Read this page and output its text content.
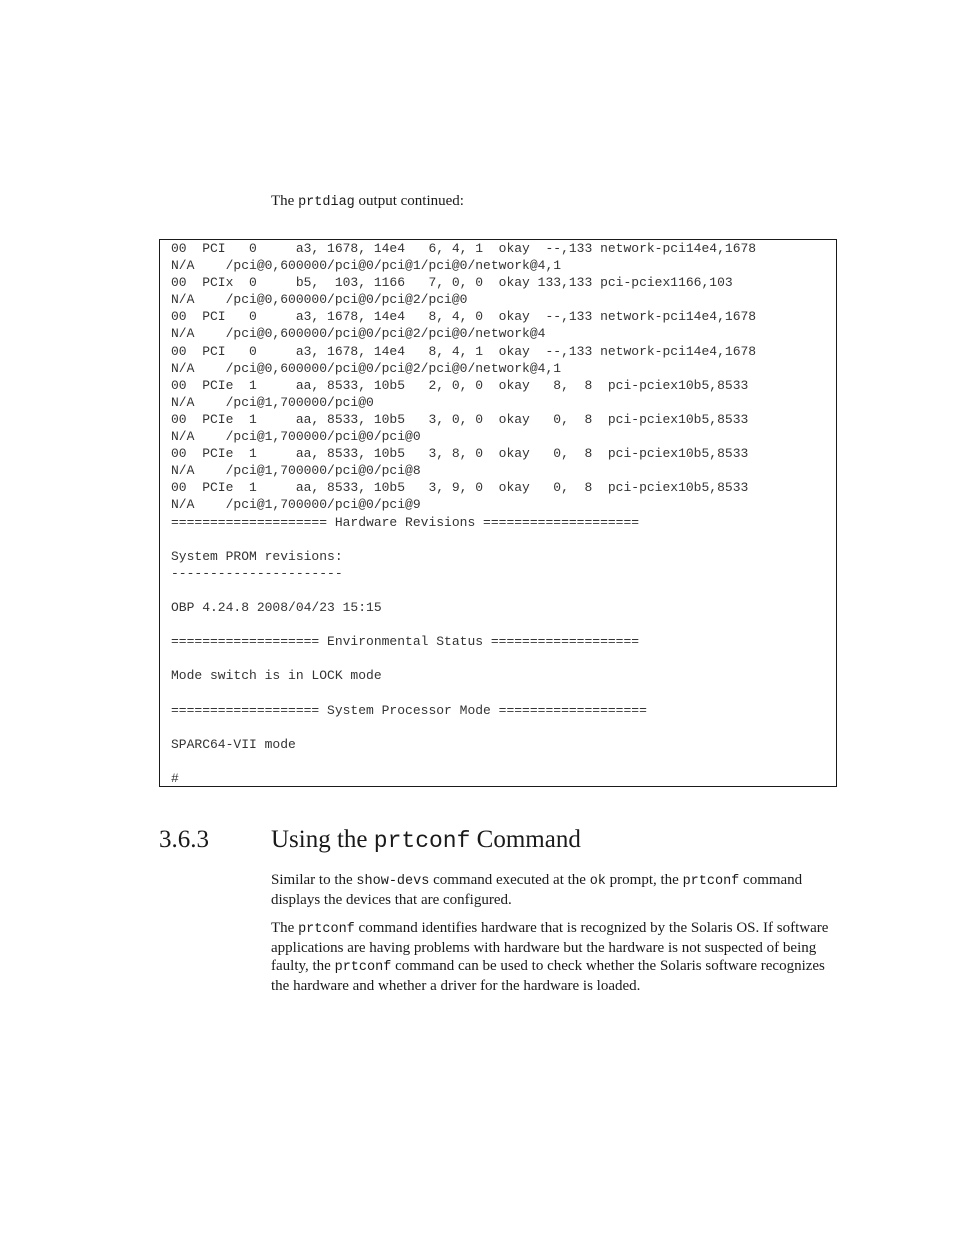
The prtdiag output continued:

00  PCI   0     a3, 1678, 14e4   6, 4, 1  okay  --,133 network-pci14e4,1678
N/A    /pci@0,600000/pci@0/pci@1/pci@0/network@4,1
00  PCIx  0     b5,  103, 1166   7, 0, 0  okay 133,133 pci-pciex1166,103
N/A    /pci@0,600000/pci@0/pci@2/pci@0
00  PCI   0     a3, 1678, 14e4   8, 4, 0  okay  --,133 network-pci14e4,1678
N/A    /pci@0,600000/pci@0/pci@2/pci@0/network@4
00  PCI   0     a3, 1678, 14e4   8, 4, 1  okay  --,133 network-pci14e4,1678
N/A    /pci@0,600000/pci@0/pci@2/pci@0/network@4,1
00  PCIe  1     aa, 8533, 10b5   2, 0, 0  okay   8,  8  pci-pciex10b5,8533
N/A    /pci@1,700000/pci@0
00  PCIe  1     aa, 8533, 10b5   3, 0, 0  okay   0,  8  pci-pciex10b5,8533
N/A    /pci@1,700000/pci@0/pci@0
00  PCIe  1     aa, 8533, 10b5   3, 8, 0  okay   0,  8  pci-pciex10b5,8533
N/A    /pci@1,700000/pci@0/pci@8
00  PCIe  1     aa, 8533, 10b5   3, 9, 0  okay   0,  8  pci-pciex10b5,8533
N/A    /pci@1,700000/pci@0/pci@9
==================== Hardware Revisions ====================

System PROM revisions:
----------------------

OBP 4.24.8 2008/04/23 15:15

=================== Environmental Status ===================

Mode switch is in LOCK mode

=================== System Processor Mode ===================

SPARC64-VII mode

#
3.6.3 Using the prtconf Command

Similar to the show-devs command executed at the ok prompt, the prtconf command displays the devices that are configured.

The prtconf command identifies hardware that is recognized by the Solaris OS. If software applications are having problems with hardware but the hardware is not suspected of being faulty, the prtconf command can be used to check whether the Solaris software recognizes the hardware and whether a driver for the hardware is loaded.
